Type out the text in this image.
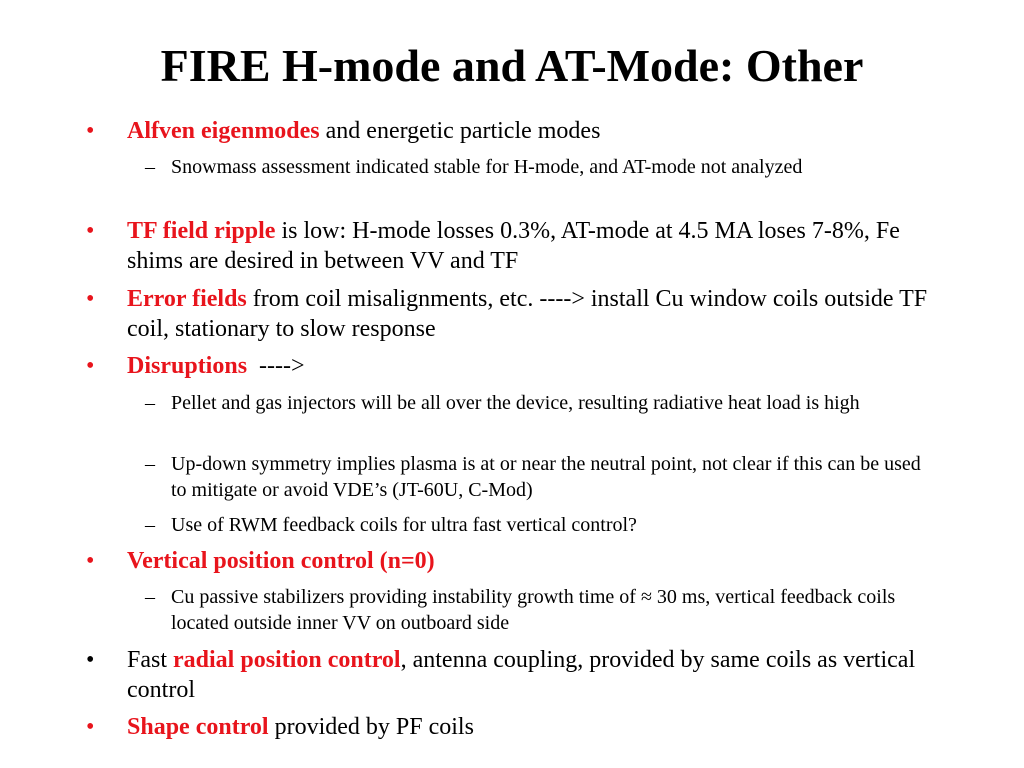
FIRE H-mode and AT-Mode: Other
• Alfven eigenmodes and energetic particle modes
– Snowmass assessment indicated stable for H-mode, and AT-mode not analyzed
• TF field ripple is low: H-mode losses 0.3%, AT-mode at 4.5 MA loses 7-8%, Fe shims are desired in between VV and TF
• Error fields from coil misalignments, etc. ----> install Cu window coils outside TF coil, stationary to slow response
• Disruptions  ---->
– Pellet and gas injectors will be all over the device, resulting radiative heat load is high
– Up-down symmetry implies plasma is at or near the neutral point, not clear if this can be used to mitigate or avoid VDE’s (JT-60U, C-Mod)
– Use of RWM feedback coils for ultra fast vertical control?
• Vertical position control (n=0)
– Cu passive stabilizers providing instability growth time of ≈ 30 ms, vertical feedback coils located outside inner VV on outboard side
• Fast radial position control, antenna coupling, provided by same coils as vertical control
• Shape control provided by PF coils
